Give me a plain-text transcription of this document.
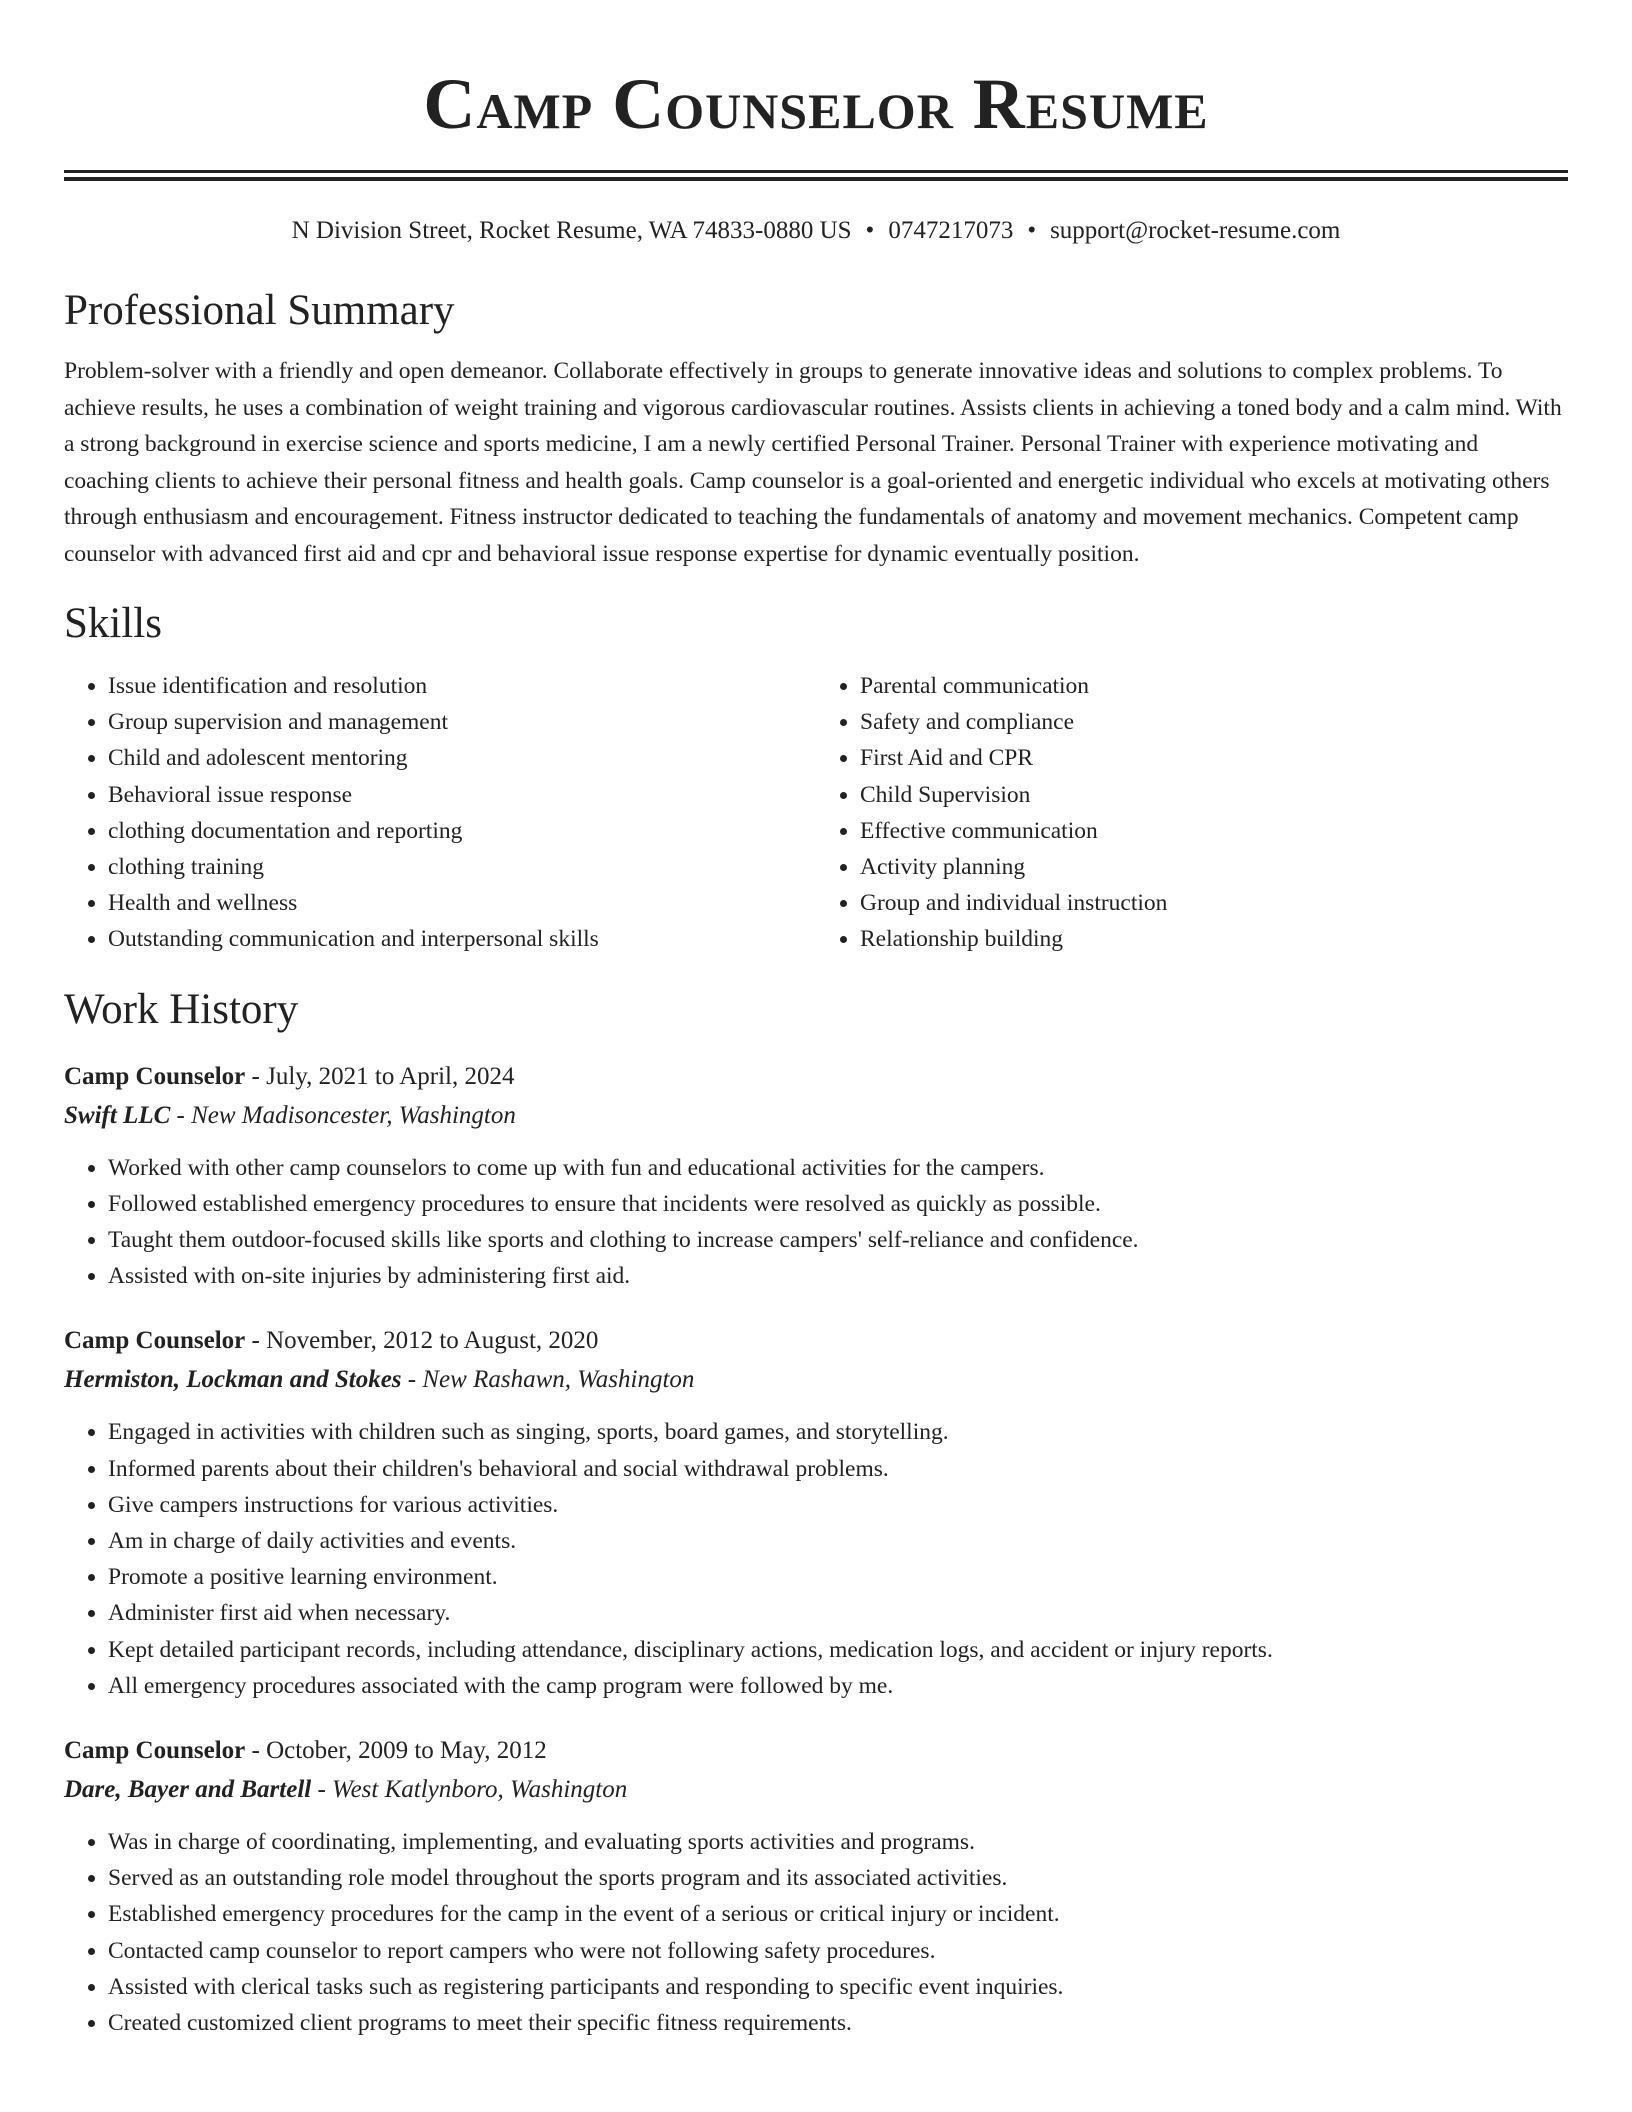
Camp Counselor Resume
N Division Street, Rocket Resume, WA 74833-0880 US • 0747217073 • support@rocket-resume.com
Professional Summary

Problem-solver with a friendly and open demeanor. Collaborate effectively in groups to generate innovative ideas and solutions to complex problems. To achieve results, he uses a combination of weight training and vigorous cardiovascular routines. Assists clients in achieving a toned body and a calm mind. With a strong background in exercise science and sports medicine, I am a newly certified Personal Trainer. Personal Trainer with experience motivating and coaching clients to achieve their personal fitness and health goals. Camp counselor is a goal-oriented and energetic individual who excels at motivating others through enthusiasm and encouragement. Fitness instructor dedicated to teaching the fundamentals of anatomy and movement mechanics. Competent camp counselor with advanced first aid and cpr and behavioral issue response expertise for dynamic eventually position.

Skills
• Issue identification and resolution
• Group supervision and management
• Child and adolescent mentoring
• Behavioral issue response
• clothing documentation and reporting
• clothing training
• Health and wellness
• Outstanding communication and interpersonal skills
• Parental communication
• Safety and compliance
• First Aid and CPR
• Child Supervision
• Effective communication
• Activity planning
• Group and individual instruction
• Relationship building
Work History
Camp Counselor - July, 2021 to April, 2024
Swift LLC - New Madisoncester, Washington
• Worked with other camp counselors to come up with fun and educational activities for the campers.
• Followed established emergency procedures to ensure that incidents were resolved as quickly as possible.
• Taught them outdoor-focused skills like sports and clothing to increase campers' self-reliance and confidence.
• Assisted with on-site injuries by administering first aid.
Camp Counselor - November, 2012 to August, 2020
Hermiston, Lockman and Stokes - New Rashawn, Washington
• Engaged in activities with children such as singing, sports, board games, and storytelling.
• Informed parents about their children's behavioral and social withdrawal problems.
• Give campers instructions for various activities.
• Am in charge of daily activities and events.
• Promote a positive learning environment.
• Administer first aid when necessary.
• Kept detailed participant records, including attendance, disciplinary actions, medication logs, and accident or injury reports.
• All emergency procedures associated with the camp program were followed by me.
Camp Counselor - October, 2009 to May, 2012
Dare, Bayer and Bartell - West Katlynboro, Washington
• Was in charge of coordinating, implementing, and evaluating sports activities and programs.
• Served as an outstanding role model throughout the sports program and its associated activities.
• Established emergency procedures for the camp in the event of a serious or critical injury or incident.
• Contacted camp counselor to report campers who were not following safety procedures.
• Assisted with clerical tasks such as registering participants and responding to specific event inquiries.
• Created customized client programs to meet their specific fitness requirements.
